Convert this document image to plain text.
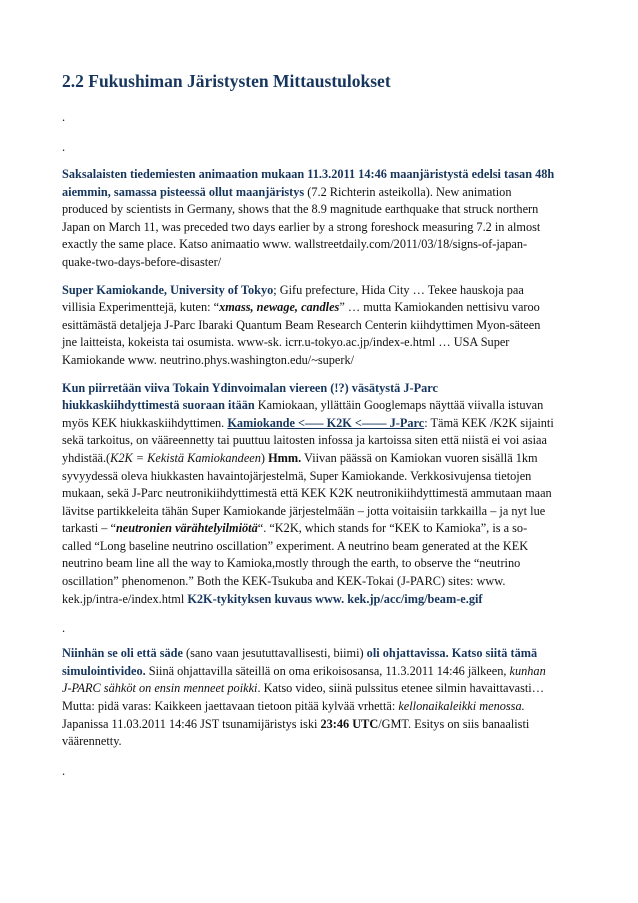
2.2 Fukushiman Järistysten Mittaustulokset
.
.
Saksalaisten tiedemiesten animaation mukaan 11.3.2011 14:46 maanjäristystä edelsi tasan 48h
aiemmin, samassa pisteessä ollut maanjäristys (7.2 Richterin asteikolla). New animation
produced by scientists in Germany, shows that the 8.9 magnitude earthquake that struck northern
Japan on March 11, was preceded two days earlier by a strong foreshock measuring 7.2 in almost
exactly the same place. Katso animaatio www. wallstreetdaily.com/2011/03/18/signs-of-japan-
quake-two-days-before-disaster/
Super Kamiokande, University of Tokyo; Gifu prefecture, Hida City … Tekee hauskoja paa
villisia Experimenttejä, kuten: “xmass, newage, candles” … mutta Kamiokanden nettisivu varoo
esittämästä detaljeja J-Parc Ibaraki Quantum Beam Research Centerin kiihdyttimen Myon-säteen
jne laitteista, kokeista tai osumista. www-sk. icrr.u-tokyo.ac.jp/index-e.html … USA Super
Kamiokande www. neutrino.phys.washington.edu/~superk/
Kun piirretään viiva Tokain Ydinvoimalan viereen (!?) väsätystä J-Parc
hiukkaskiihdyttimestä suoraan itään Kamiokaan, yllättäin Googlemaps näyttää viivalla istuvan
myös KEK hiukkaskiihdyttimen. Kamiokande <—– K2K <—— J-Parc: Tämä KEK /K2K sijainti
sekä tarkoitus, on vääreennetty tai puuttuu laitosten infossa ja kartoissa siten että niistä ei voi asiaa
yhdistää.(K2K = Kekistä Kamiokandeen) Hmm. Viivan päässä on Kamiokan vuoren sisällä 1km
syvyydessä oleva hiukkasten havaintojärjestelmä, Super Kamiokande. Verkkosivujensa tietojen
mukaan, sekä J-Parc neutronikiihdyttimestä että KEK K2K neutronikiihdyttimestä ammutaan maan
lävitse partikkeleita tähän Super Kamiokande järjestelmään – jotta voitaisiin tarkkailla – ja nyt lue
tarkasti – “neutronien värähtelyilmiötä“. “K2K, which stands for “KEK to Kamioka”, is a so-
called “Long baseline neutrino oscillation” experiment. A neutrino beam generated at the KEK
neutrino beam line all the way to Kamioka,mostly through the earth, to observe the “neutrino
oscillation” phenomenon.” Both the KEK-Tsukuba and KEK-Tokai (J-PARC) sites: www.
kek.jp/intra-e/index.html K2K-tykityksen kuvaus www. kek.jp/acc/img/beam-e.gif
.
Niinhän se oli että säde (sano vaan jesututtavallisesti, biimi) oli ohjattavissa. Katso siitä tämä
simulointivideo. Siinä ohjattavilla säteillä on oma erikoisosansa, 11.3.2011 14:46 jälkeen, kunhan
J-PARC sähköt on ensin menneet poikki. Katso video, siinä pulssitus etenee silmin havaittavasti…
Mutta: pidä varas: Kaikkeen jaettavaan tietoon pitää kylvää vrhettä: kellonaikaleikki menossa.
Japanissa 11.03.2011 14:46 JST tsunamijäristys iski 23:46 UTC/GMT. Esitys on siis banaalisti
väärennetty.
.
